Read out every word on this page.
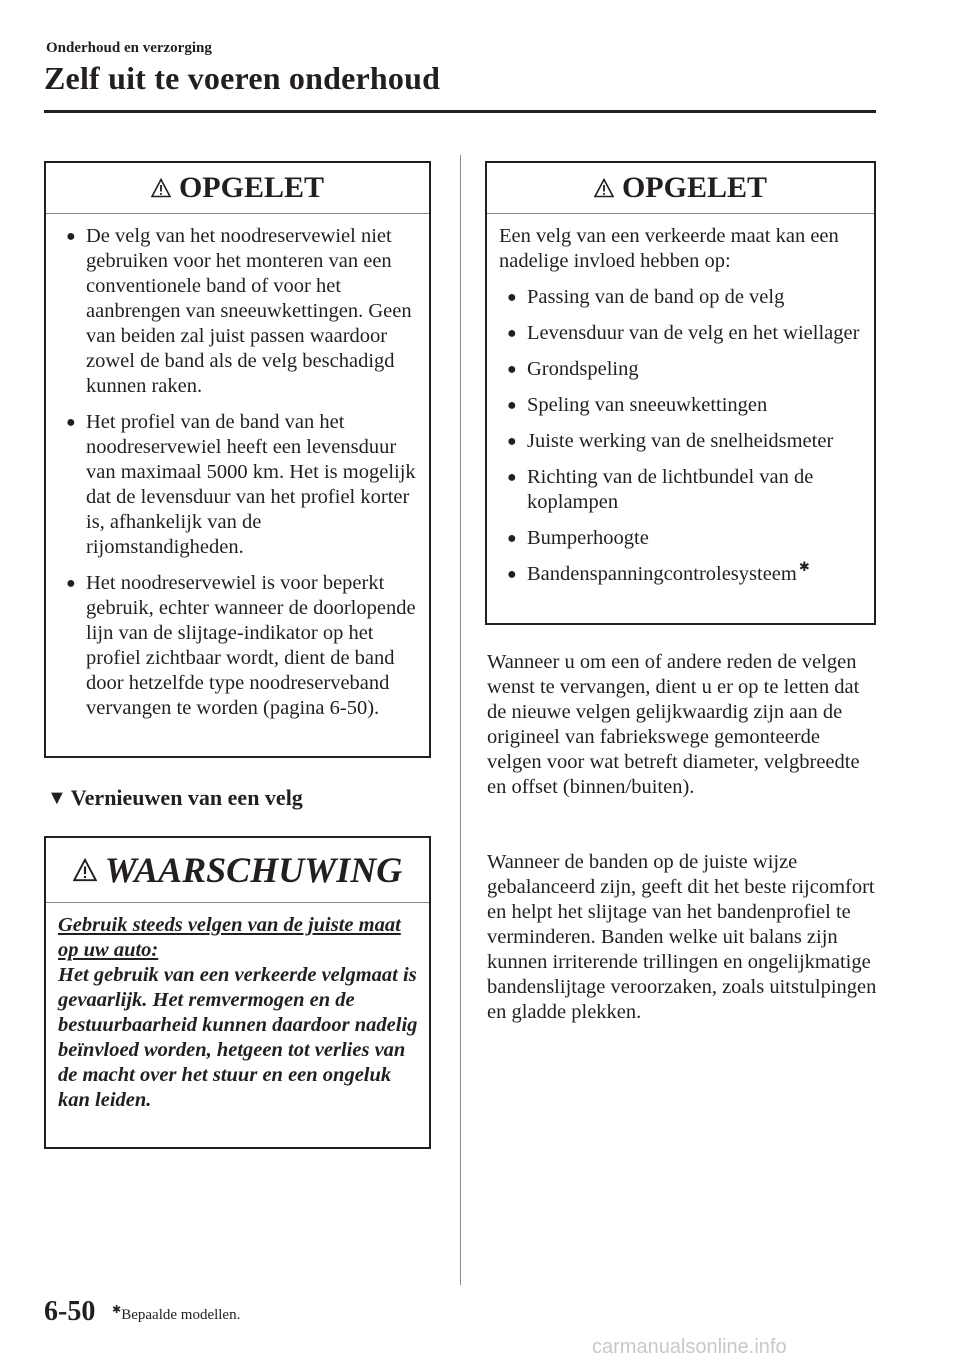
Onderhoud en verzorging
Zelf uit te voeren onderhoud
OPGELET
● De velg van het noodreservewiel niet gebruiken voor het monteren van een conventionele band of voor het aanbrengen van sneeuwkettingen. Geen van beiden zal juist passen waardoor zowel de band als de velg beschadigd kunnen raken.
● Het profiel van de band van het noodreservewiel heeft een levensduur van maximaal 5000 km. Het is mogelijk dat de levensduur van het profiel korter is, afhankelijk van de rijomstandigheden.
● Het noodreservewiel is voor beperkt gebruik, echter wanneer de doorlopende lijn van de slijtage-indikator op het profiel zichtbaar wordt, dient de band door hetzelfde type noodreserveband vervangen te worden (pagina 6-50).
▼ Vernieuwen van een velg
WAARSCHUWING
Gebruik steeds velgen van de juiste maat op uw auto:
Het gebruik van een verkeerde velgmaat is gevaarlijk. Het remvermogen en de bestuurbaarheid kunnen daardoor nadelig beïnvloed worden, hetgeen tot verlies van de macht over het stuur en een ongeluk kan leiden.
OPGELET
Een velg van een verkeerde maat kan een nadelige invloed hebben op:
● Passing van de band op de velg
● Levensduur van de velg en het wiellager
● Grondspeling
● Speling van sneeuwkettingen
● Juiste werking van de snelheidsmeter
● Richting van de lichtbundel van de koplampen
● Bumperhoogte
● Bandenspanningcontrolesysteem ✱
Wanneer u om een of andere reden de velgen wenst te vervangen, dient u er op te letten dat de nieuwe velgen gelijkwaardig zijn aan de origineel van fabriekswege gemonteerde velgen voor wat betreft diameter, velgbreedte en offset (binnen/buiten).
Wanneer de banden op de juiste wijze gebalanceerd zijn, geeft dit het beste rijcomfort en helpt het slijtage van het bandenprofiel te verminderen. Banden welke uit balans zijn kunnen irriterende trillingen en ongelijkmatige bandenslijtage veroorzaken, zoals uitstulpingen en gladde plekken.
6-50 ✱Bepaalde modellen.
carmanualsonline.info
